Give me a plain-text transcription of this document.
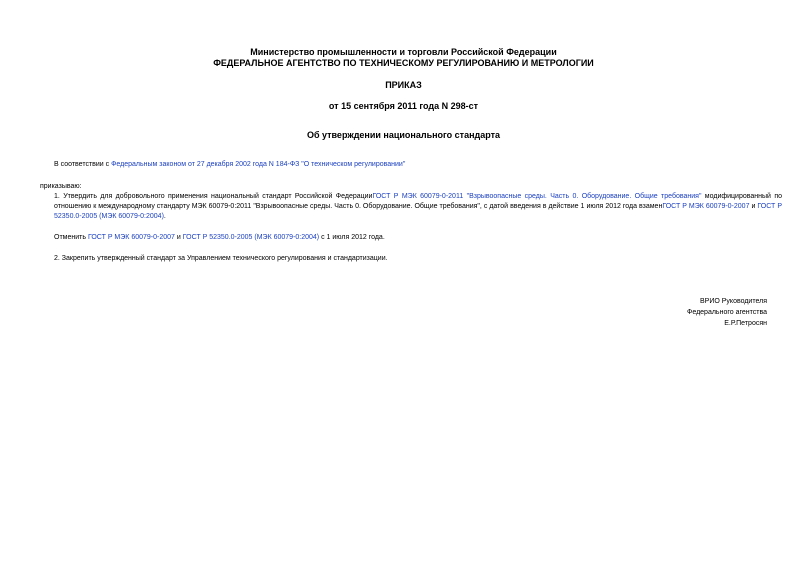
Министерство промышленности и торговли Российской Федерации
ФЕДЕРАЛЬНОЕ АГЕНТСТВО ПО ТЕХНИЧЕСКОМУ РЕГУЛИРОВАНИЮ И МЕТРОЛОГИИ
ПРИКАЗ
от 15 сентября 2011 года N 298-ст
Об утверждении национального стандарта
В соответствии с Федеральным законом от 27 декабря 2002 года N 184-ФЗ "О техническом регулировании"
приказываю:
1. Утвердить для добровольного применения национальный стандарт Российской ФедерацииГОСТ Р МЭК 60079-0-2011 "Взрывоопасные среды. Часть 0. Оборудование. Общие требования" модифицированный по отношению к международному стандарту МЭК 60079-0:2011 "Взрывоопасные среды. Часть 0. Оборудование. Общие требования", с датой введения в действие 1 июля 2012 года взаменГОСТ Р МЭК 60079-0-2007 и ГОСТ Р 52350.0-2005 (МЭК 60079-0:2004).
Отменить ГОСТ Р МЭК 60079-0-2007 и ГОСТ Р 52350.0-2005 (МЭК 60079-0:2004) с 1 июля 2012 года.
2. Закрепить утвержденный стандарт за Управлением технического регулирования и стандартизации.
ВРИО Руководителя
Федерального агентства
Е.Р.Петросян
